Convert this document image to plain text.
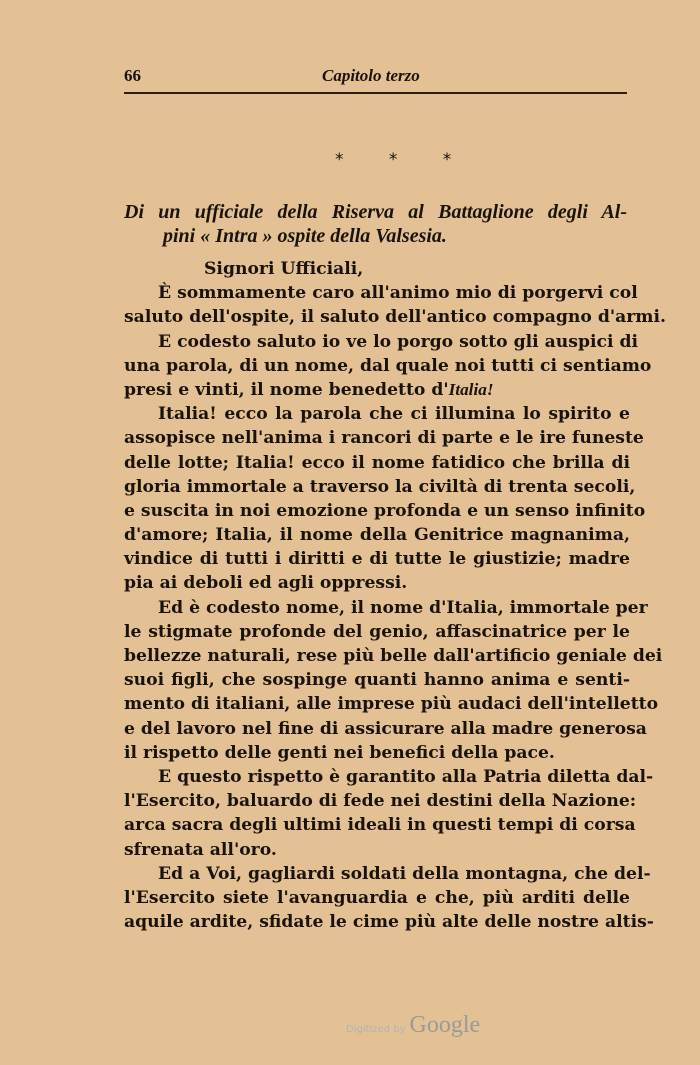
66	Capitolo terzo
* * *
Di un ufficiale della Riserva al Battaglione degli Al-
pini « Intra » ospite della Valsesia.
Signori Ufficiali,
È sommamente caro all'animo mio di porgervi col
saluto dell'ospite, il saluto dell'antico compagno d'armi.
E codesto saluto io ve lo porgo sotto gli auspici di
una parola, di un nome, dal quale noi tutti ci sentiamo
presi e vinti, il nome benedetto d'Italia!
Italia! ecco la parola che ci illumina lo spirito e
assopisce nell'anima i rancori di parte e le ire funeste
delle lotte; Italia! ecco il nome fatidico che brilla di
gloria immortale a traverso la civiltà di trenta secoli,
e suscita in noi emozione profonda e un senso infinito
d'amore; Italia, il nome della Genitrice magnanima,
vindice di tutti i diritti e di tutte le giustizie; madre
pia ai deboli ed agli oppressi.
Ed è codesto nome, il nome d'Italia, immortale per
le stigmate profonde del genio, affascinatrice per le
bellezze naturali, rese più belle dall'artificio geniale dei
suoi figli, che sospinge quanti hanno anima e senti-
mento di italiani, alle imprese più audaci dell'intelletto
e del lavoro nel fine di assicurare alla madre generosa
il rispetto delle genti nei benefici della pace.
E questo rispetto è garantito alla Patria diletta dal-
l'Esercito, baluardo di fede nei destini della Nazione:
arca sacra degli ultimi ideali in questi tempi di corsa
sfrenata all'oro.
Ed a Voi, gagliardi soldati della montagna, che del-
l'Esercito siete l'avanguardia e che, più arditi delle
aquile ardite, sfidate le cime più alte delle nostre altis-
Digitized by Google
